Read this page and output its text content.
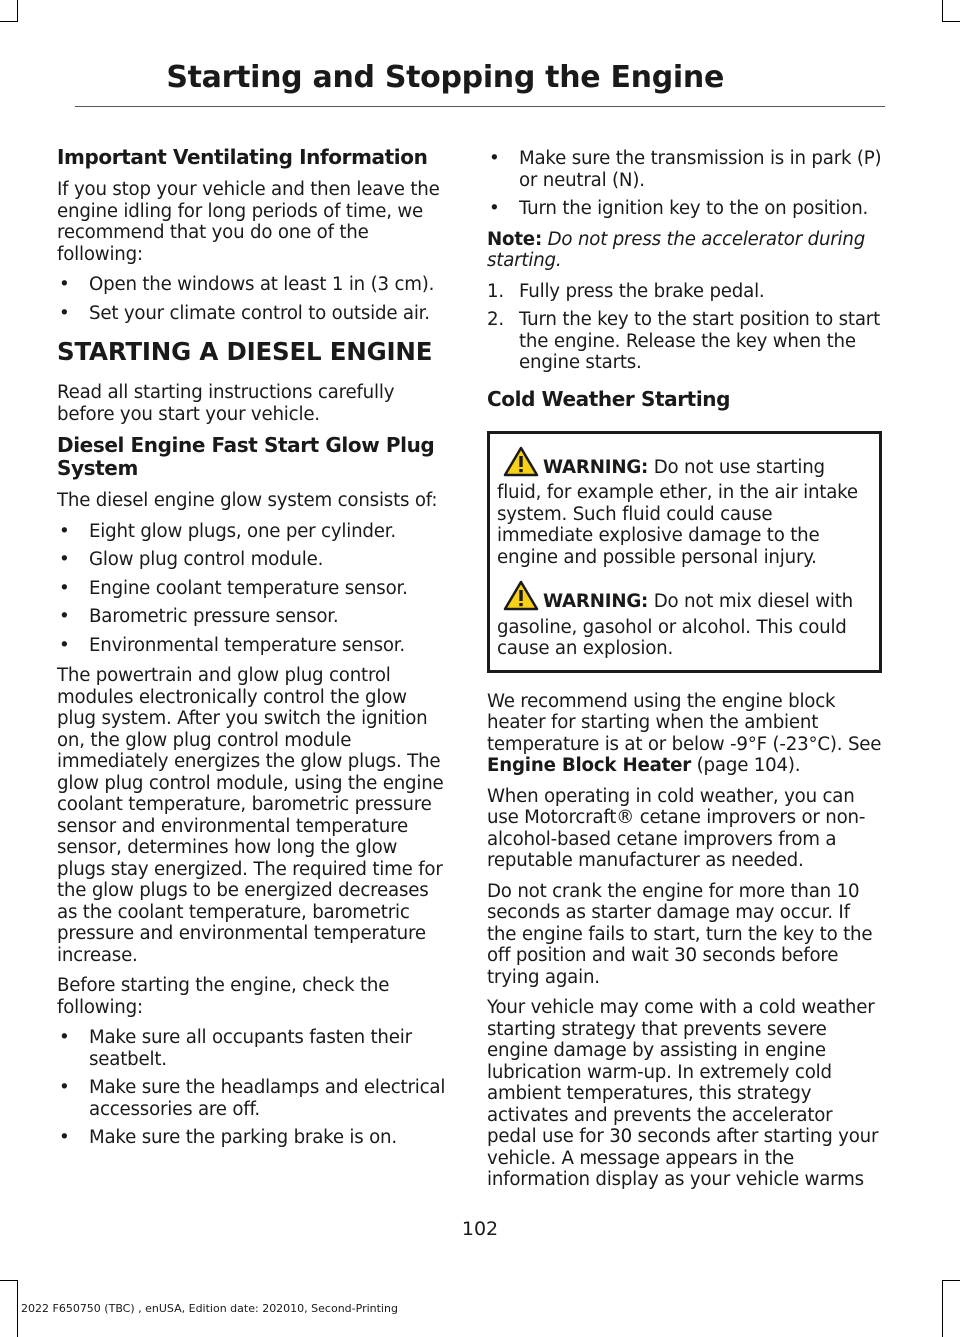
Starting and Stopping the Engine
Important Ventilating Information

If you stop your vehicle and then leave the engine idling for long periods of time, we recommend that you do one of the following:

• Open the windows at least 1 in (3 cm).
• Set your climate control to outside air.
STARTING A DIESEL ENGINE

Read all starting instructions carefully before you start your vehicle.

Diesel Engine Fast Start Glow Plug System

The diesel engine glow system consists of:

• Eight glow plugs, one per cylinder.
• Glow plug control module.
• Engine coolant temperature sensor.
• Barometric pressure sensor.
• Environmental temperature sensor.

The powertrain and glow plug control modules electronically control the glow plug system. After you switch the ignition on, the glow plug control module immediately energizes the glow plugs. The glow plug control module, using the engine coolant temperature, barometric pressure sensor and environmental temperature sensor, determines how long the glow plugs stay energized. The required time for the glow plugs to be energized decreases as the coolant temperature, barometric pressure and environmental temperature increase.

Before starting the engine, check the following:

• Make sure all occupants fasten their seatbelt.
• Make sure the headlamps and electrical accessories are off.
• Make sure the parking brake is on.
• Make sure the transmission is in park (P) or neutral (N).
• Turn the ignition key to the on position.

Note: Do not press the accelerator during starting.

1. Fully press the brake pedal.
2. Turn the key to the start position to start the engine. Release the key when the engine starts.
Cold Weather Starting

WARNING: Do not use starting fluid, for example ether, in the air intake system. Such fluid could cause immediate explosive damage to the engine and possible personal injury.

WARNING: Do not mix diesel with gasoline, gasohol or alcohol. This could cause an explosion.

We recommend using the engine block heater for starting when the ambient temperature is at or below -9°F (-23°C). See Engine Block Heater (page 104).

When operating in cold weather, you can use Motorcraft® cetane improvers or non-alcohol-based cetane improvers from a reputable manufacturer as needed.

Do not crank the engine for more than 10 seconds as starter damage may occur. If the engine fails to start, turn the key to the off position and wait 30 seconds before trying again.

Your vehicle may come with a cold weather starting strategy that prevents severe engine damage by assisting in engine lubrication warm-up. In extremely cold ambient temperatures, this strategy activates and prevents the accelerator pedal use for 30 seconds after starting your vehicle. A message appears in the information display as your vehicle warms

102
2022 F650750 (TBC) , enUSA, Edition date: 202010, Second-Printing
